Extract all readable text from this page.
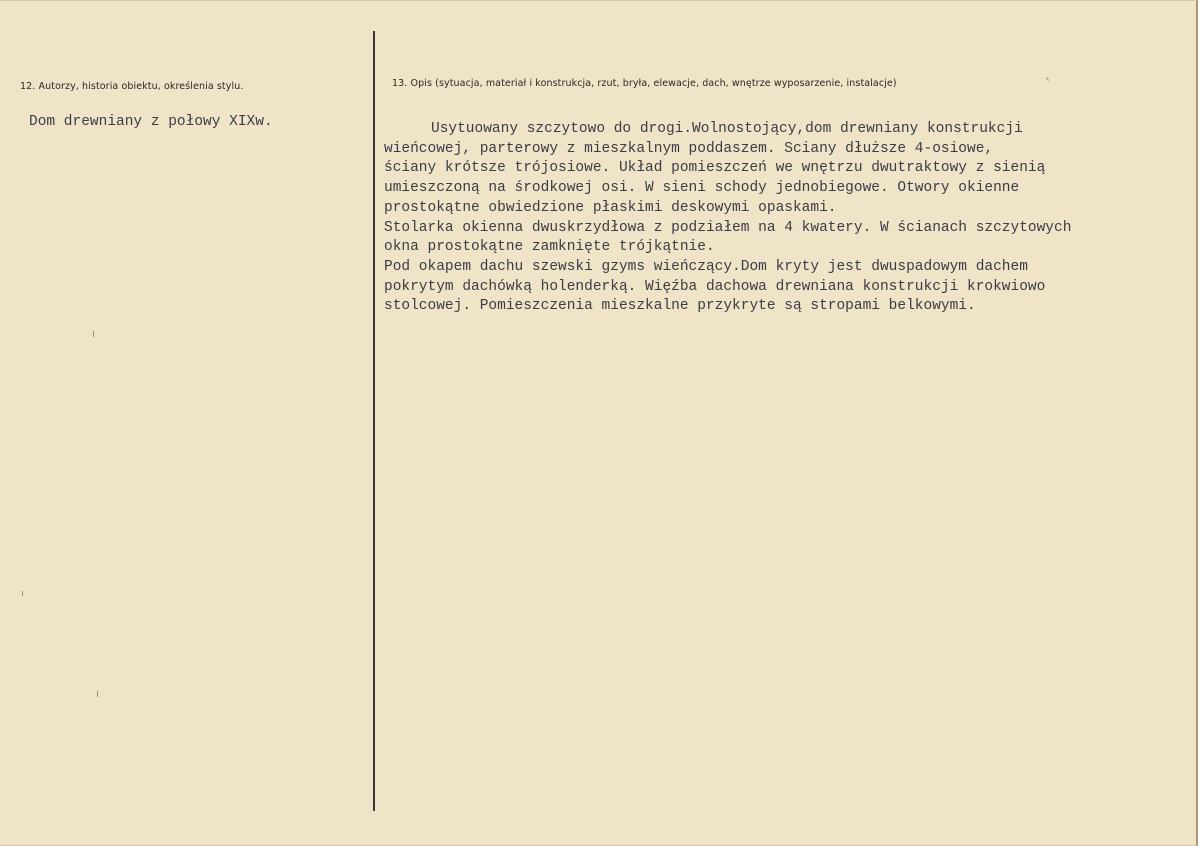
12. Autorzy, historia obiektu, określenia stylu.
Dom drewniany z połowy XIXw.
13. Opis (sytuacja, materiał i konstrukcja, rzut, bryła, elewacje, dach, wnętrze wyposarzenie, instalacje)
Usytuowany szczytowo do drogi.Wolnostojący,dom drewniany konstrukcji
wieńcowej, parterowy z mieszkalnym poddaszem. Sciany dłuższe 4-osiowe,
ściany krótsze trójosiowe. Układ pomieszczeń we wnętrzu dwutraktowy z sienią
umieszczoną na środkowej osi. W sieni schody jednobiegowe. Otwory okienne
prostokątne obwiedzione płaskimi deskowymi opaskami.
Stolarka okienna dwuskrzydłowa z podziałem na 4 kwatery. W ścianach szczytowych
okna prostokątne zamknięte trójkątnie.
Pod okapem dachu szewski gzyms wieńczący.Dom kryty jest dwuspadowym dachem
pokrytym dachówką holenderką. Więźba dachowa drewniana konstrukcji krokwiowo
stolcowej. Pomieszczenia mieszkalne przykryte są stropami belkowymi.
